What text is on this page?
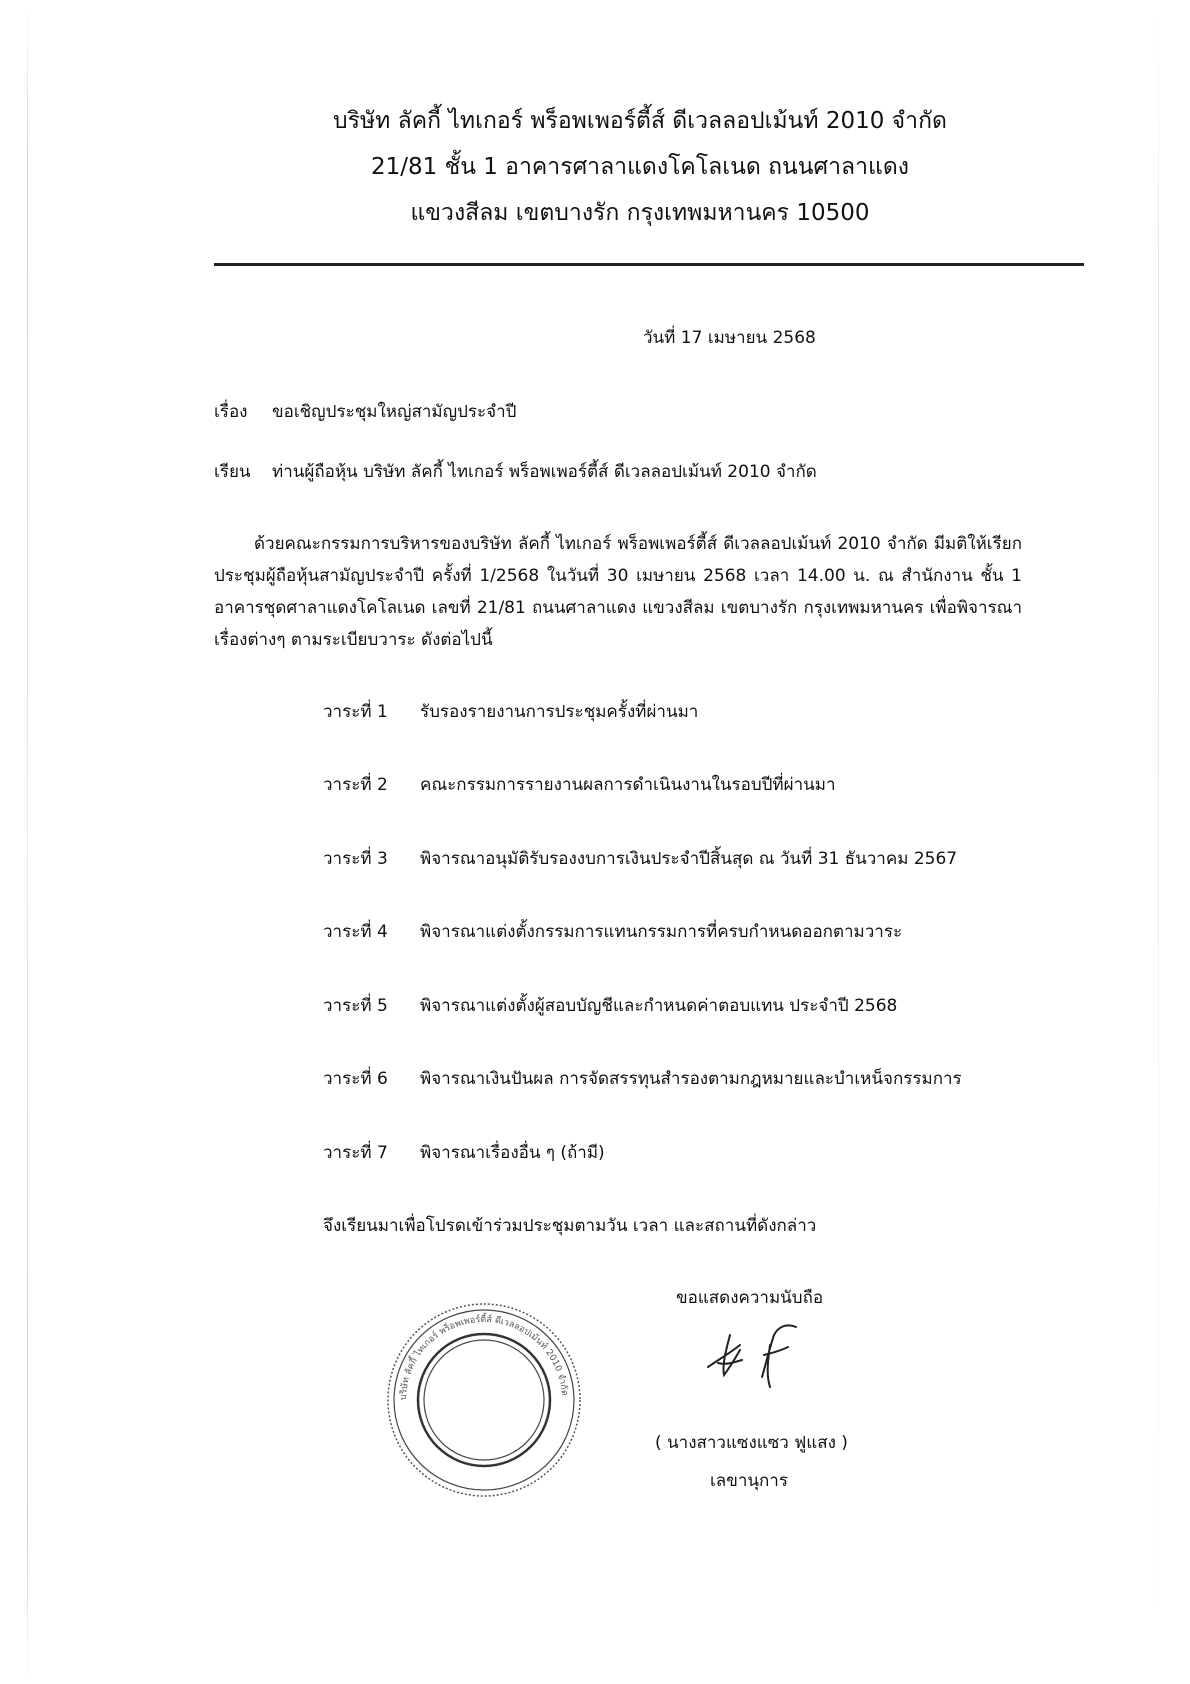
บริษัท ลัคกี้ ไทเกอร์ พร็อพเพอร์ตี้ส์ ดีเวลลอปเม้นท์ 2010 จำกัด
21/81 ชั้น 1 อาคารศาลาแดงโคโลเนด ถนนศาลาแดง
แขวงสีลม เขตบางรัก กรุงเทพมหานคร 10500
วันที่ 17 เมษายน 2568
เรื่อง ขอเชิญประชุมใหญ่สามัญประจำปี
เรียน ท่านผู้ถือหุ้น บริษัท ลัคกี้ ไทเกอร์ พร็อพเพอร์ตี้ส์ ดีเวลลอปเม้นท์ 2010 จำกัด
ด้วยคณะกรรมการบริหารของบริษัท ลัคกี้ ไทเกอร์ พร็อพเพอร์ตี้ส์ ดีเวลลอปเม้นท์ 2010 จำกัด มีมติให้เรียกประชุมผู้ถือหุ้นสามัญประจำปี ครั้งที่ 1/2568 ในวันที่ 30 เมษายน 2568 เวลา 14.00 น. ณ สำนักงาน ชั้น 1 อาคารชุดศาลาแดงโคโลเนด เลขที่ 21/81 ถนนศาลาแดง แขวงสีลม เขตบางรัก กรุงเทพมหานคร เพื่อพิจารณาเรื่องต่างๆ ตามระเบียบวาระ ดังต่อไปนี้
วาระที่ 1 รับรองรายงานการประชุมครั้งที่ผ่านมา
วาระที่ 2 คณะกรรมการรายงานผลการดำเนินงานในรอบปีที่ผ่านมา
วาระที่ 3 พิจารณาอนุมัติรับรองงบการเงินประจำปีสิ้นสุด ณ วันที่ 31 ธันวาคม 2567
วาระที่ 4 พิจารณาแต่งตั้งกรรมการแทนกรรมการที่ครบกำหนดออกตามวาระ
วาระที่ 5 พิจารณาแต่งตั้งผู้สอบบัญชีและกำหนดค่าตอบแทน ประจำปี 2568
วาระที่ 6 พิจารณาเงินปันผล การจัดสรรทุนสำรองตามกฎหมายและบำเหน็จกรรมการ
วาระที่ 7 พิจารณาเรื่องอื่น ๆ (ถ้ามี)
จึงเรียนมาเพื่อโปรดเข้าร่วมประชุมตามวัน เวลา และสถานที่ดังกล่าว
ขอแสดงความนับถือ
บริษัท ลัคกี้ ไทเกอร์ พร็อพเพอร์ตี้ส์ ดีเวลลอปเม้นท์ 2010 จำกัด
( นางสาวแซงแซว ฟูแสง )
เลขานุการ
